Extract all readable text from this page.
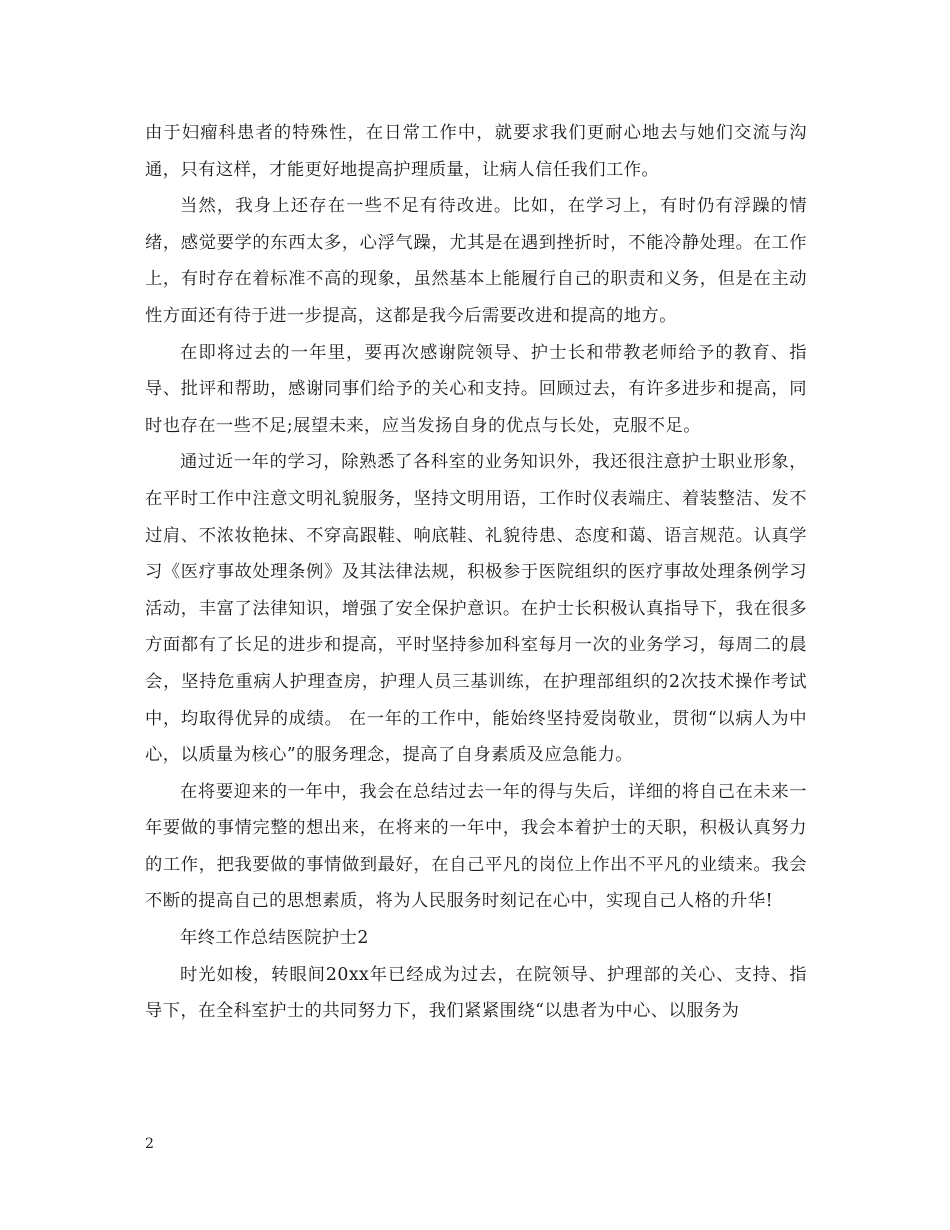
由于妇瘤科患者的特殊性，在日常工作中，就要求我们更耐心地去与她们交流与沟通，只有这样，才能更好地提高护理质量，让病人信任我们工作。

当然，我身上还存在一些不足有待改进。比如，在学习上，有时仍有浮躁的情绪，感觉要学的东西太多，心浮气躁，尤其是在遇到挫折时，不能冷静处理。在工作上，有时存在着标准不高的现象，虽然基本上能履行自己的职责和义务，但是在主动性方面还有待于进一步提高，这都是我今后需要改进和提高的地方。

在即将过去的一年里，要再次感谢院领导、护士长和带教老师给予的教育、指导、批评和帮助，感谢同事们给予的关心和支持。回顾过去，有许多进步和提高，同时也存在一些不足;展望未来，应当发扬自身的优点与长处，克服不足。

通过近一年的学习，除熟悉了各科室的业务知识外，我还很注意护士职业形象，在平时工作中注意文明礼貌服务，坚持文明用语，工作时仪表端庄、着装整洁、发不过肩、不浓妆艳抹、不穿高跟鞋、响底鞋、礼貌待患、态度和蔼、语言规范。认真学习《医疗事故处理条例》及其法律法规，积极参于医院组织的医疗事故处理条例学习活动，丰富了法律知识，增强了安全保护意识。在护士长积极认真指导下，我在很多方面都有了长足的进步和提高，平时坚持参加科室每月一次的业务学习，每周二的晨会，坚持危重病人护理查房，护理人员三基训练，在护理部组织的2次技术操作考试中，均取得优异的成绩。 在一年的工作中，能始终坚持爱岗敬业，贯彻“以病人为中心，以质量为核心”的服务理念，提高了自身素质及应急能力。

在将要迎来的一年中，我会在总结过去一年的得与失后，详细的将自己在未来一年要做的事情完整的想出来，在将来的一年中，我会本着护士的天职，积极认真努力的工作，把我要做的事情做到最好，在自己平凡的岗位上作出不平凡的业绩来。我会不断的提高自己的思想素质，将为人民服务时刻记在心中，实现自己人格的升华!

年终工作总结医院护士2

时光如梭，转眼间20xx年已经成为过去，在院领导、护理部的关心、支持、指导下，在全科室护士的共同努力下，我们紧紧围绕“以患者为中心、以服务为

2
